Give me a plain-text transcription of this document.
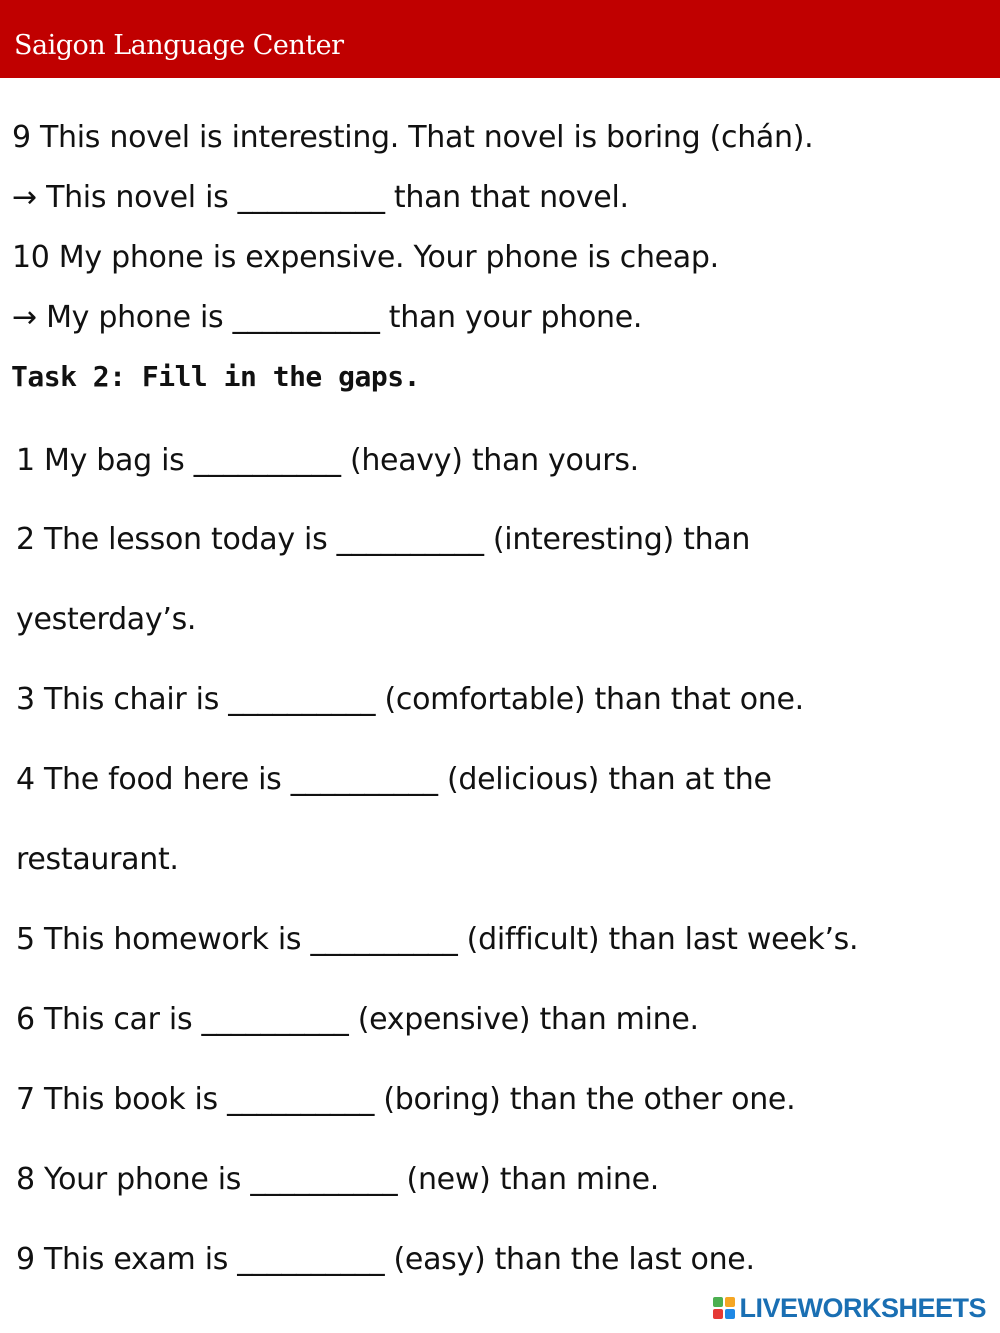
Saigon Language Center
9 This novel is interesting. That novel is boring (chán).
→ This novel is __________ than that novel.
10 My phone is expensive. Your phone is cheap.
→ My phone is __________ than your phone.
Task 2: Fill in the gaps.
1 My bag is __________ (heavy) than yours.
2 The lesson today is __________ (interesting) than
yesterday’s.
3 This chair is __________ (comfortable) than that one.
4 The food here is __________ (delicious) than at the
restaurant.
5 This homework is __________ (difficult) than last week’s.
6 This car is __________ (expensive) than mine.
7 This book is __________ (boring) than the other one.
8 Your phone is __________ (new) than mine.
9 This exam is __________ (easy) than the last one.
LIVEWORKSHEETS
